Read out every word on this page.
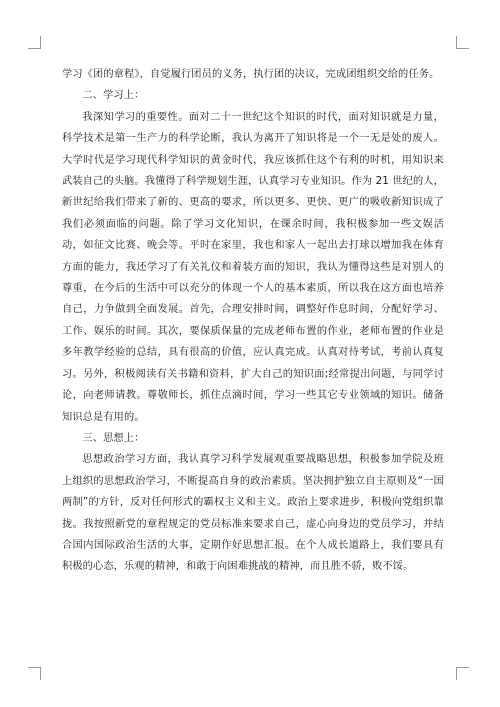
学习《团的章程》，自觉履行团员的义务，执行团的决议，完成团组织交给的任务。

二、学习上：

我深知学习的重要性。面对二十一世纪这个知识的时代，面对知识就是力量，科学技术是第一生产力的科学论断，我认为离开了知识将是一个一无是处的废人。大学时代是学习现代科学知识的黄金时代，我应该抓住这个有利的时机，用知识来武装自己的头脑。我懂得了科学规划生涯，认真学习专业知识。作为 21 世纪的人，新世纪给我们带来了新的、更高的要求，所以更多、更快、更广的吸收新知识成了我们必须面临的问题。除了学习文化知识，在课余时间，我积极参加一些文娱活动，如征文比赛、晚会等。平时在家里，我也和家人一起出去打球以增加我在体育方面的能力，我还学习了有关礼仪和着装方面的知识，我认为懂得这些是对别人的尊重，在今后的生活中可以充分的体现一个人的基本素质，所以我在这方面也培养自己，力争做到全面发展。首先，合理安排时间，调整好作息时间，分配好学习、工作、娱乐的时间。其次，要保质保量的完成老师布置的作业，老师布置的作业是多年教学经验的总结，具有很高的价值，应认真完成。认真对待考试，考前认真复习。另外，积极阅读有关书籍和资料，扩大自己的知识面;经常提出问题，与同学讨论，向老师请教。尊敬师长，抓住点滴时间，学习一些其它专业领域的知识。储备知识总是有用的。

三、思想上：

思想政治学习方面，我认真学习科学发展观重要战略思想，积极参加学院及班上组织的思想政治学习，不断提高自身的政治素质。坚决拥护独立自主原则及“一国两制”的方针，反对任何形式的霸权主义和主义。政治上要求进步，积极向党组织靠拢。我按照新党的章程规定的党员标准来要求自己，虚心向身边的党员学习，并结合国内国际政治生活的大事，定期作好思想汇报。在个人成长道路上，我们要具有积极的心态，乐观的精神，和敢于向困难挑战的精神，而且胜不骄，败不馁。
